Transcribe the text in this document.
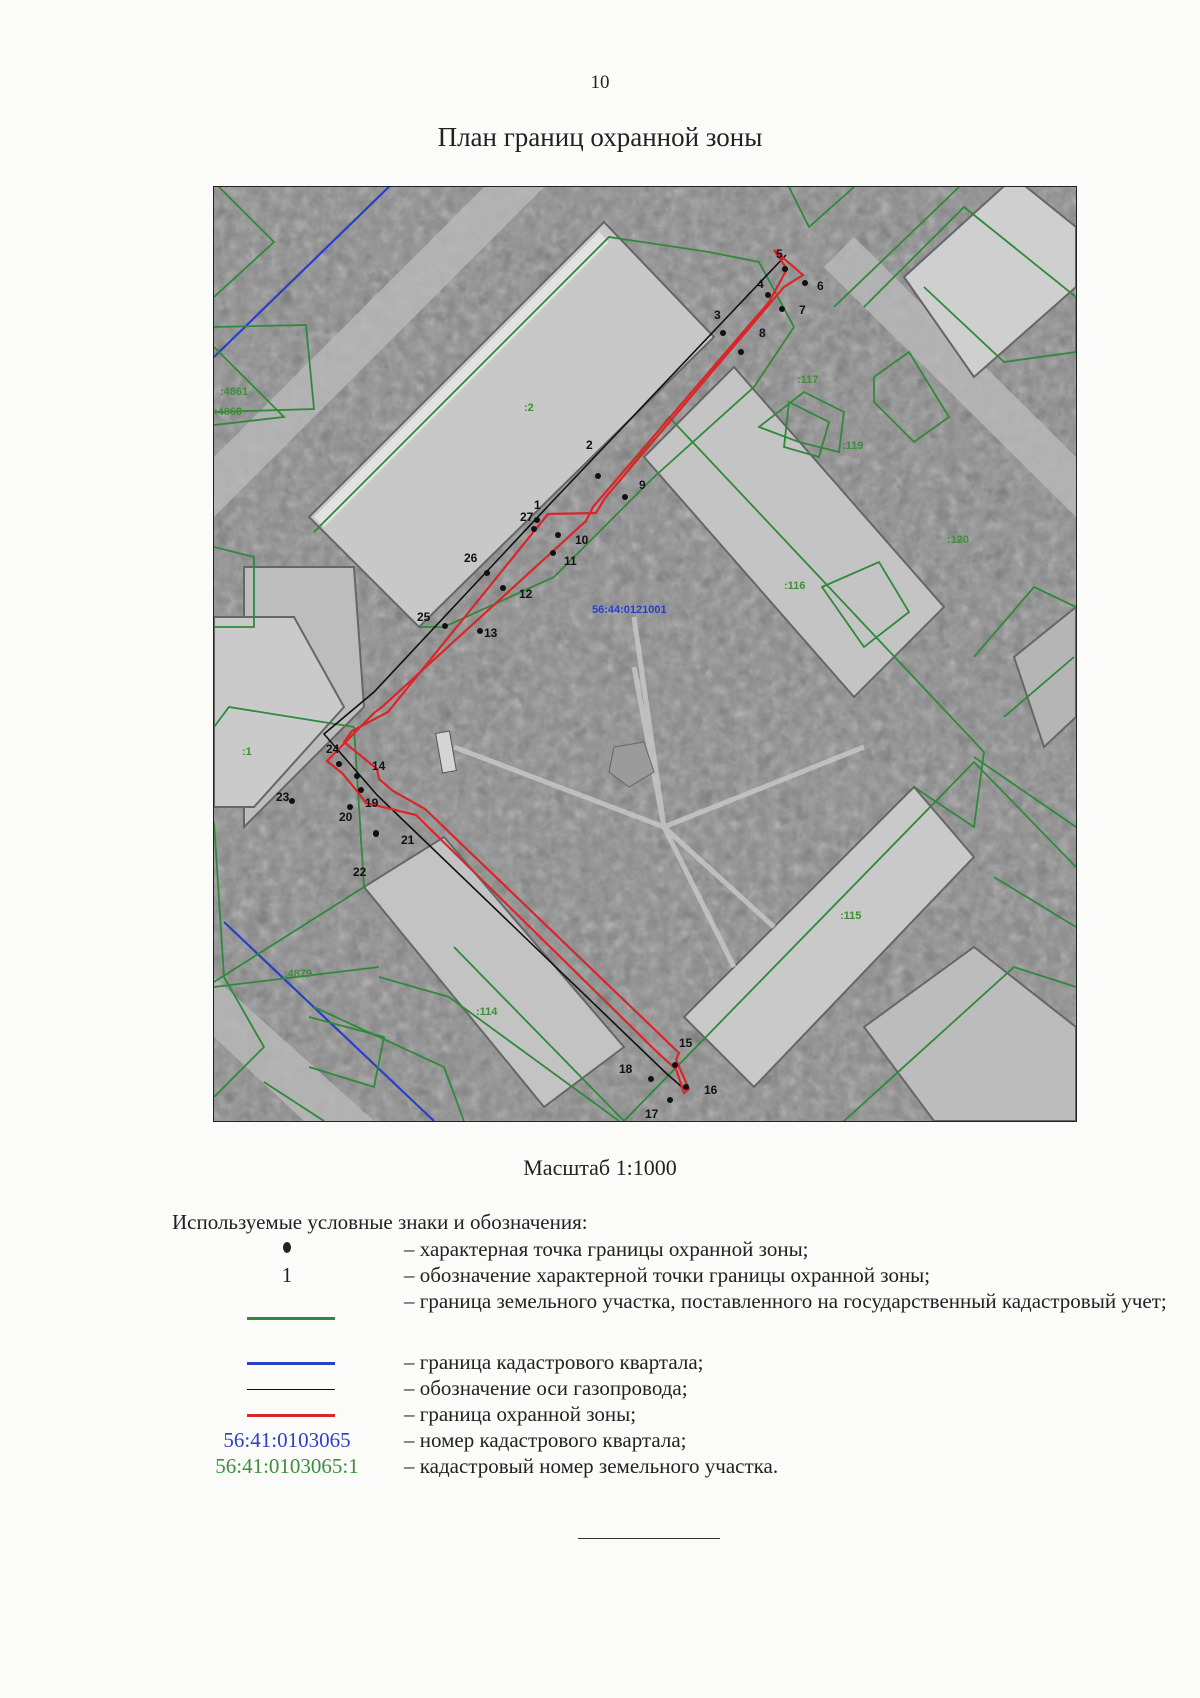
10
План границ охранной зоны
1
2
3
4
5
6
7
8
9
10
11
12
13
14
15
16
17
18
19
20
21
22
23
24
25
26
27
:4861
:4860	:2
:1
:117
:119
:120
:116
:115
:114
:4879
56:44:0121001
Масштаб 1:1000
Используемые условные знаки и обозначения:
– характерная точка границы охранной зоны;
1	– обозначение характерной точки границы охранной зоны;
– граница земельного участка, поставленного на государственный кадастровый учет;
– граница кадастрового квартала;
– обозначение оси газопровода;
– граница охранной зоны;
56:41:0103065	– номер кадастрового квартала;
56:41:0103065:1	– кадастровый номер земельного участка.
